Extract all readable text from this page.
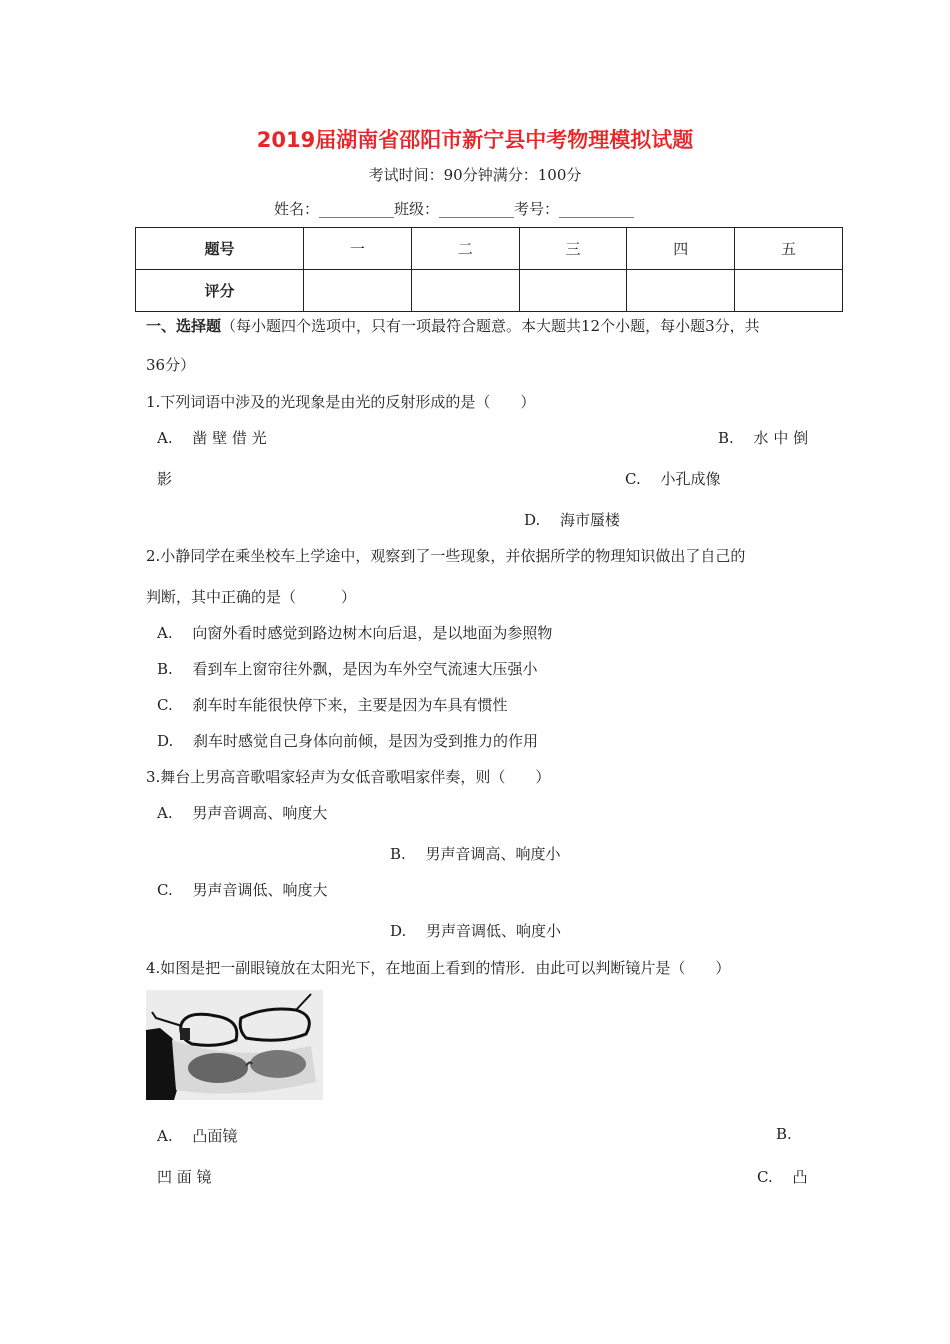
2019届湖南省邵阳市新宁县中考物理模拟试题
考试时间：90分钟满分：100分
姓名：__________班级：__________考号：__________
题号	一	二	三	四	五
评分					
一、选择题（每小题四个选项中，只有一项最符合题意。本大题共12个小题，每小题3分，共
36分）
1.下列词语中涉及的光现象是由光的反射形成的是（　　）
A.　 凿 壁 借 光	B.　 水 中 倒
影	C.　 小孔成像
D.　 海市蜃楼
2.小静同学在乘坐校车上学途中，观察到了一些现象，并依据所学的物理知识做出了自己的
判断，其中正确的是（　　　）
A.　 向窗外看时感觉到路边树木向后退，是以地面为参照物
B.　 看到车上窗帘往外飘，是因为车外空气流速大压强小
C.　 刹车时车能很快停下来，主要是因为车具有惯性
D.　 刹车时感觉自己身体向前倾，是因为受到推力的作用
3.舞台上男高音歌唱家轻声为女低音歌唱家伴奏，则（　　）
A.　 男声音调高、响度大
B.　 男声音调高、响度小
C.　 男声音调低、响度大
D.　 男声音调低、响度小
4.如图是把一副眼镜放在太阳光下，在地面上看到的情形．由此可以判断镜片是（　　）
A.　 凸面镜	B.
凹 面 镜	C.　 凸
